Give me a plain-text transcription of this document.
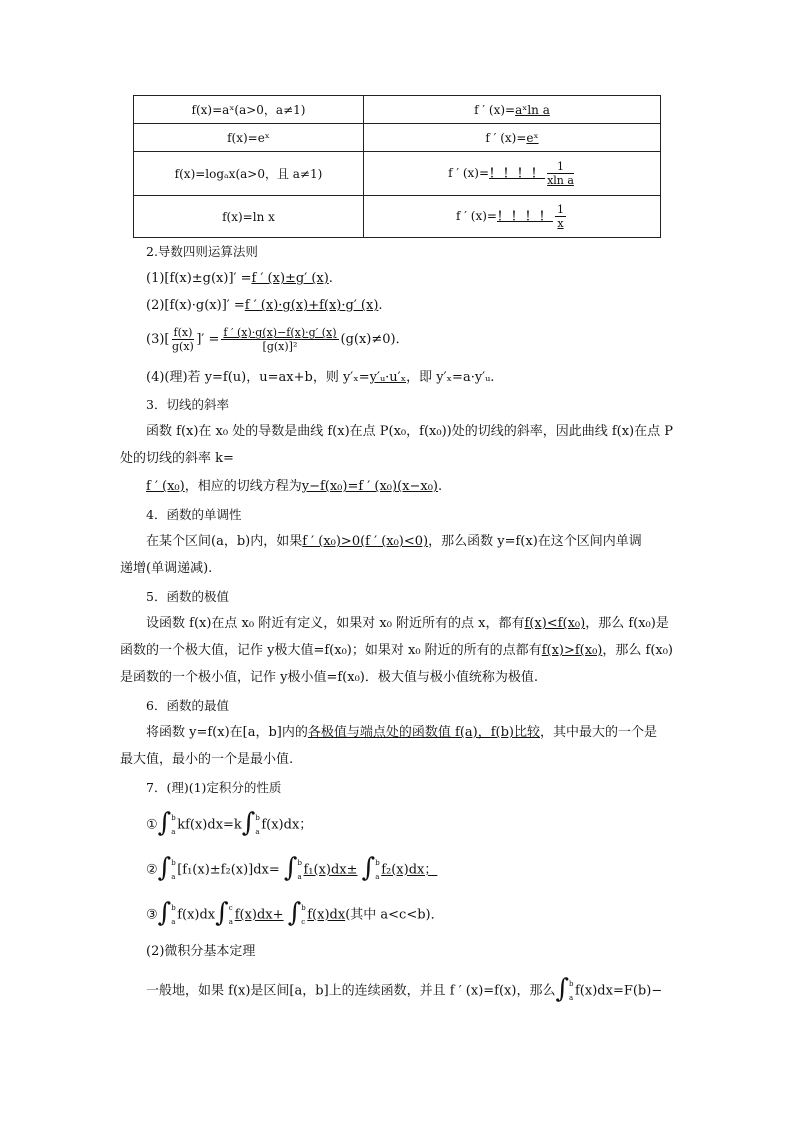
f(x)=aˣ(a>0，a≠1)	f ′ (x)=aˣln a
f(x)=eˣ	f ′ (x)=eˣ
f(x)=logₐx(a>0，且 a≠1)	f ′ (x)=！！！！ $\frac{1}{\text{xln a}}$

f(x)=ln x	f ′ (x)=！！！！ $\frac{1}{x}$
2.导数四则运算法则
(1)[f(x)±g(x)]′ =f ′ (x)±g′ (x).
(2)[f(x)·g(x)]′ =f ′ (x)·g(x)+f(x)·g′ (x).
$(3)[ \frac{f(x)}{g(x)}$ ]′ = $\frac{f ' (x)\cdot g(x)-f(x)\cdot g' (x)}{\text{[g(x)]²}} (g(x)\ne 0)$．
(4)(理)若 y=f(u)，u=ax+b，则 y′ₓ=y′ᵤ·u′ₓ，即 y′ₓ=a·y′ᵤ.
3．切线的斜率
函数 f(x)在 x₀ 处的导数是曲线 f(x)在点 P(x₀，f(x₀))处的切线的斜率，因此曲线 f(x)在点 P
处的切线的斜率 k=
f ′ (x₀)，相应的切线方程为y−f(x₀)=f ′ (x₀)(x−x₀).
4．函数的单调性
在某个区间(a，b)内，如果f ′ (x₀)>0(f ′ (x₀)<0)，那么函数 y=f(x)在这个区间内单调
递增(单调递减).
5．函数的极值
设函数 f(x)在点 x₀ 附近有定义，如果对 x₀ 附近所有的点 x，都有f(x)<f(x₀)，那么 f(x₀)是
函数的一个极大值，记作 y极大值=f(x₀)；如果对 x₀ 附近的所有的点都有f(x)>f(x₀)，那么 f(x₀)
是函数的一个极小值，记作 y极小值=f(x₀)．极大值与极小值统称为极值.
6．函数的最值
将函数 y=f(x)在[a，b]内的各极值与端点处的函数值 f(a)，f(b)比较，其中最大的一个是
最大值，最小的一个是最小值.
7．(理)(1)定积分的性质
①∫ b
a kf(x)dx=k∫ b
a f(x)dx；
②∫ b
a [f₁(x)±f₂(x)]dx= ∫ b
a f₁(x)dx± ∫ b
a f₂(x)dx；
③∫ b
a f(x)dx∫ c
a f(x)dx+ ∫ b
c f(x)dx(其中 a<c<b)．
(2)微积分基本定理
一般地，如果 f(x)是区间[a，b]上的连续函数，并且 f ′ (x)=f(x)，那么∫ b
a f(x)dx=F(b)−
